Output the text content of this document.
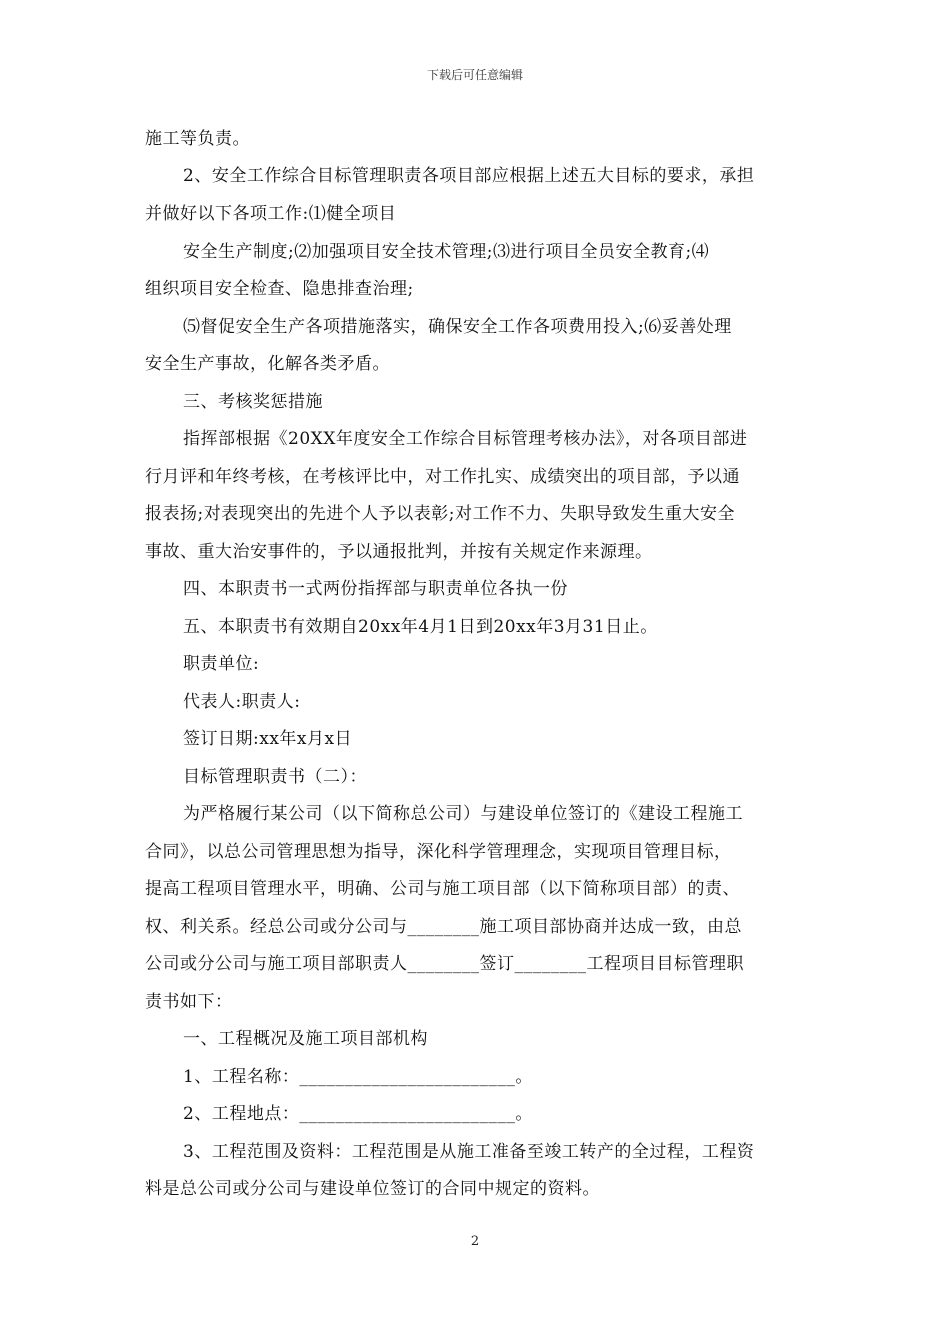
下载后可任意编辑
施工等负责。
2、安全工作综合目标管理职责各项目部应根据上述五大目标的要求，承担
并做好以下各项工作:⑴健全项目
安全生产制度;⑵加强项目安全技术管理;⑶进行项目全员安全教育;⑷
组织项目安全检查、隐患排查治理;
⑸督促安全生产各项措施落实，确保安全工作各项费用投入;⑹妥善处理
安全生产事故，化解各类矛盾。
三、考核奖惩措施
指挥部根据《20XX年度安全工作综合目标管理考核办法》，对各项目部进
行月评和年终考核，在考核评比中，对工作扎实、成绩突出的项目部，予以通
报表扬;对表现突出的先进个人予以表彰;对工作不力、失职导致发生重大安全
事故、重大治安事件的，予以通报批判，并按有关规定作来源理。
四、本职责书一式两份指挥部与职责单位各执一份
五、本职责书有效期自20xx年4月1日到20xx年3月31日止。
职责单位:
代表人:职责人:
签订日期:xx年x月x日
目标管理职责书（二）：
为严格履行某公司（以下简称总公司）与建设单位签订的《建设工程施工
合同》，以总公司管理思想为指导，深化科学管理理念，实现项目管理目标，
提高工程项目管理水平，明确、公司与施工项目部（以下简称项目部）的责、
权、利关系。经总公司或分公司与________施工项目部协商并达成一致，由总
公司或分公司与施工项目部职责人________签订________工程项目目标管理职
责书如下：
一、工程概况及施工项目部机构
1、工程名称：________________________。
2、工程地点：________________________。
3、工程范围及资料：工程范围是从施工准备至竣工转产的全过程，工程资
料是总公司或分公司与建设单位签订的合同中规定的资料。
2
